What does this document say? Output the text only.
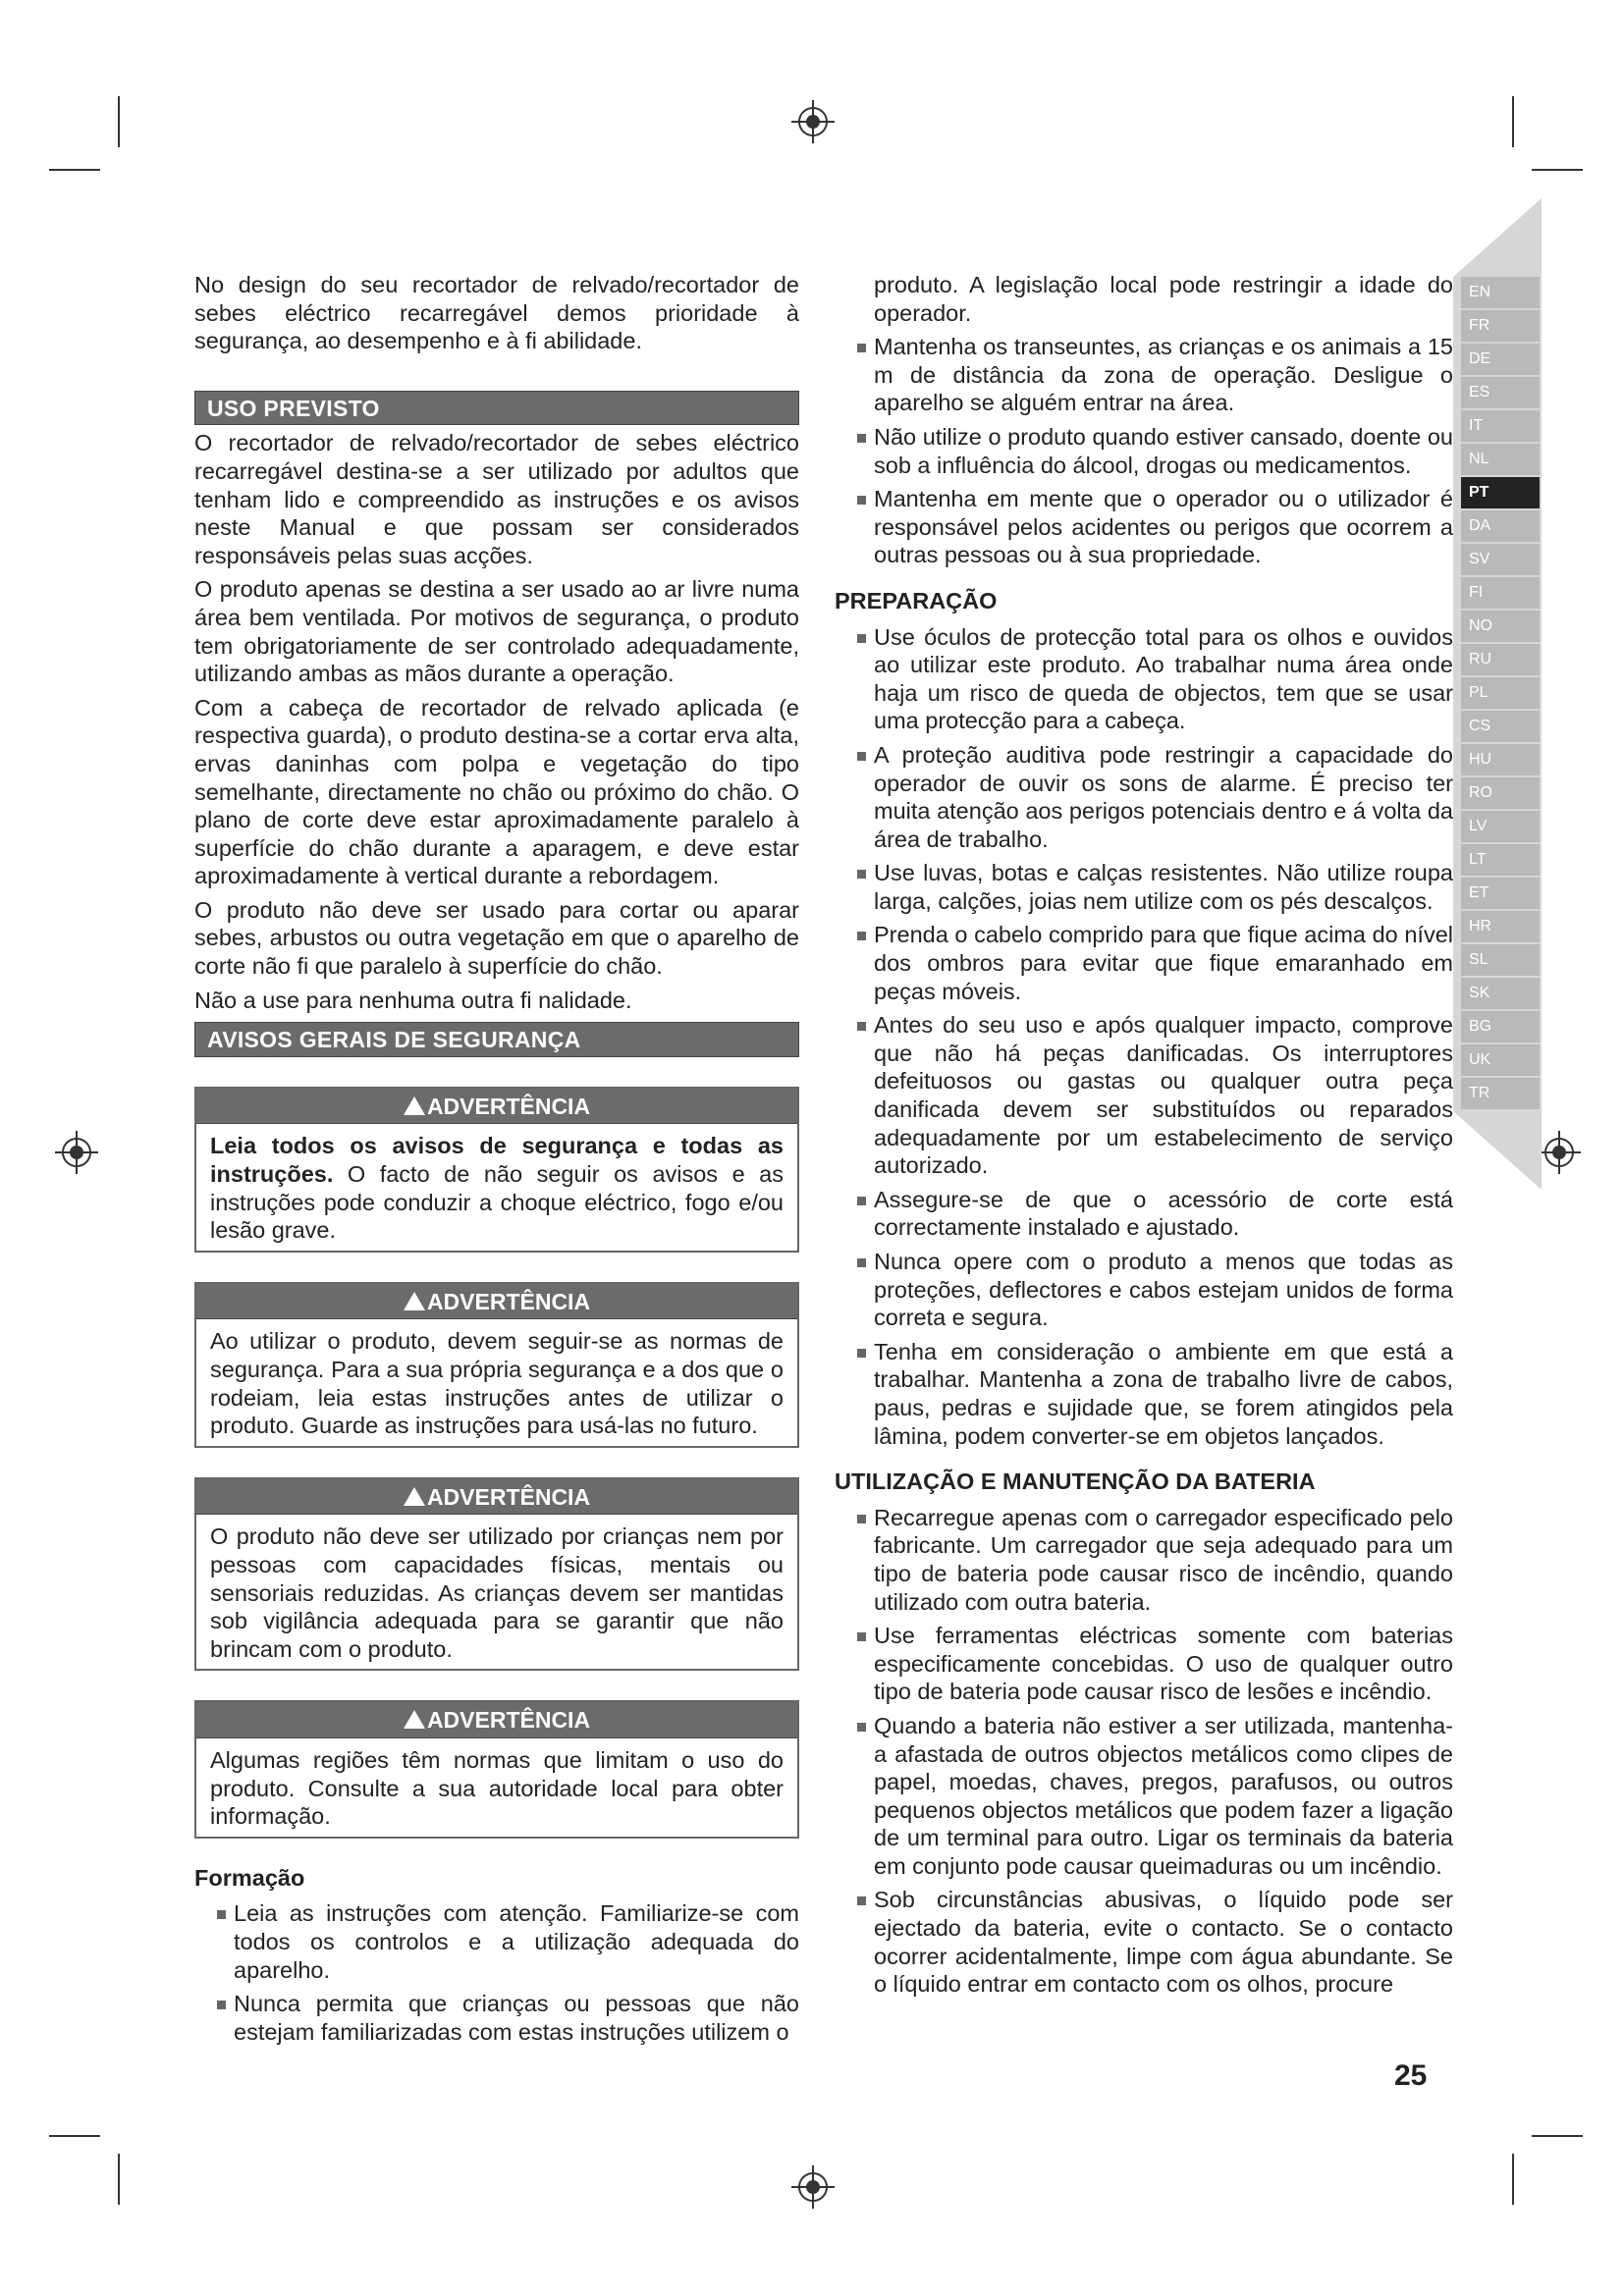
EN
FR
DE
ES
IT
NL
PT
DA
SV
FI
NO
RU
PL
CS
HU
RO
LV
LT
ET
HR
SL
SK
BG
UK
TR

No design do seu recortador de relvado/recortador de sebes eléctrico recarregável demos prioridade à segurança, ao desempenho e à fi abilidade.

USO PREVISTO

O recortador de relvado/recortador de sebes eléctrico recarregável destina-se a ser utilizado por adultos que tenham lido e compreendido as instruções e os avisos neste Manual e que possam ser considerados responsáveis pelas suas acções.

O produto apenas se destina a ser usado ao ar livre numa área bem ventilada. Por motivos de segurança, o produto tem obrigatoriamente de ser controlado adequadamente, utilizando ambas as mãos durante a operação.

Com a cabeça de recortador de relvado aplicada (e respectiva guarda), o produto destina-se a cortar erva alta, ervas daninhas com polpa e vegetação do tipo semelhante, directamente no chão ou próximo do chão. O plano de corte deve estar aproximadamente paralelo à superfície do chão durante a aparagem, e deve estar aproximadamente à vertical durante a rebordagem.

O produto não deve ser usado para cortar ou aparar sebes, arbustos ou outra vegetação em que o aparelho de corte não fi que paralelo à superfície do chão.

Não a use para nenhuma outra fi nalidade.

AVISOS GERAIS DE SEGURANÇA
ADVERTÊNCIA
Leia todos os avisos de segurança e todas as instruções. O facto de não seguir os avisos e as instruções pode conduzir a choque eléctrico, fogo e/ou lesão grave.
ADVERTÊNCIA
Ao utilizar o produto, devem seguir-se as normas de segurança. Para a sua própria segurança e a dos que o rodeiam, leia estas instruções antes de utilizar o produto. Guarde as instruções para usá-las no futuro.
ADVERTÊNCIA
O produto não deve ser utilizado por crianças nem por pessoas com capacidades físicas, mentais ou sensoriais reduzidas. As crianças devem ser mantidas sob vigilância adequada para se garantir que não brincam com o produto.
ADVERTÊNCIA
Algumas regiões têm normas que limitam o uso do produto. Consulte a sua autoridade local para obter informação.
Formação
Leia as instruções com atenção. Familiarize-se com todos os controlos e a utilização adequada do aparelho.
Nunca permita que crianças ou pessoas que não estejam familiarizadas com estas instruções utilizem o

produto. A legislação local pode restringir a idade do operador.

Mantenha os transeuntes, as crianças e os animais a 15 m de distância da zona de operação. Desligue o aparelho se alguém entrar na área.
Não utilize o produto quando estiver cansado, doente ou sob a influência do álcool, drogas ou medicamentos.
Mantenha em mente que o operador ou o utilizador é responsável pelos acidentes ou perigos que ocorrem a outras pessoas ou à sua propriedade.
PREPARAÇÃO
Use óculos de protecção total para os olhos e ouvidos ao utilizar este produto. Ao trabalhar numa área onde haja um risco de queda de objectos, tem que se usar uma protecção para a cabeça.
A proteção auditiva pode restringir a capacidade do operador de ouvir os sons de alarme. É preciso ter muita atenção aos perigos potenciais dentro e á volta da área de trabalho.
Use luvas, botas e calças resistentes. Não utilize roupa larga, calções, joias nem utilize com os pés descalços.
Prenda o cabelo comprido para que fique acima do nível dos ombros para evitar que fique emaranhado em peças móveis.
Antes do seu uso e após qualquer impacto, comprove que não há peças danificadas. Os interruptores defeituosos ou gastas ou qualquer outra peça danificada devem ser substituídos ou reparados adequadamente por um estabelecimento de serviço autorizado.
Assegure-se de que o acessório de corte está correctamente instalado e ajustado.
Nunca opere com o produto a menos que todas as proteções, deflectores e cabos estejam unidos de forma correta e segura.
Tenha em consideração o ambiente em que está a trabalhar. Mantenha a zona de trabalho livre de cabos, paus, pedras e sujidade que, se forem atingidos pela lâmina, podem converter-se em objetos lançados.
UTILIZAÇÃO E MANUTENÇÃO DA BATERIA
Recarregue apenas com o carregador especificado pelo fabricante. Um carregador que seja adequado para um tipo de bateria pode causar risco de incêndio, quando utilizado com outra bateria.
Use ferramentas eléctricas somente com baterias especificamente concebidas. O uso de qualquer outro tipo de bateria pode causar risco de lesões e incêndio.
Quando a bateria não estiver a ser utilizada, mantenha-a afastada de outros objectos metálicos como clipes de papel, moedas, chaves, pregos, parafusos, ou outros pequenos objectos metálicos que podem fazer a ligação de um terminal para outro. Ligar os terminais da bateria em conjunto pode causar queimaduras ou um incêndio.
Sob circunstâncias abusivas, o líquido pode ser ejectado da bateria, evite o contacto. Se o contacto ocorrer acidentalmente, limpe com água abundante. Se o líquido entrar em contacto com os olhos, procure
25
